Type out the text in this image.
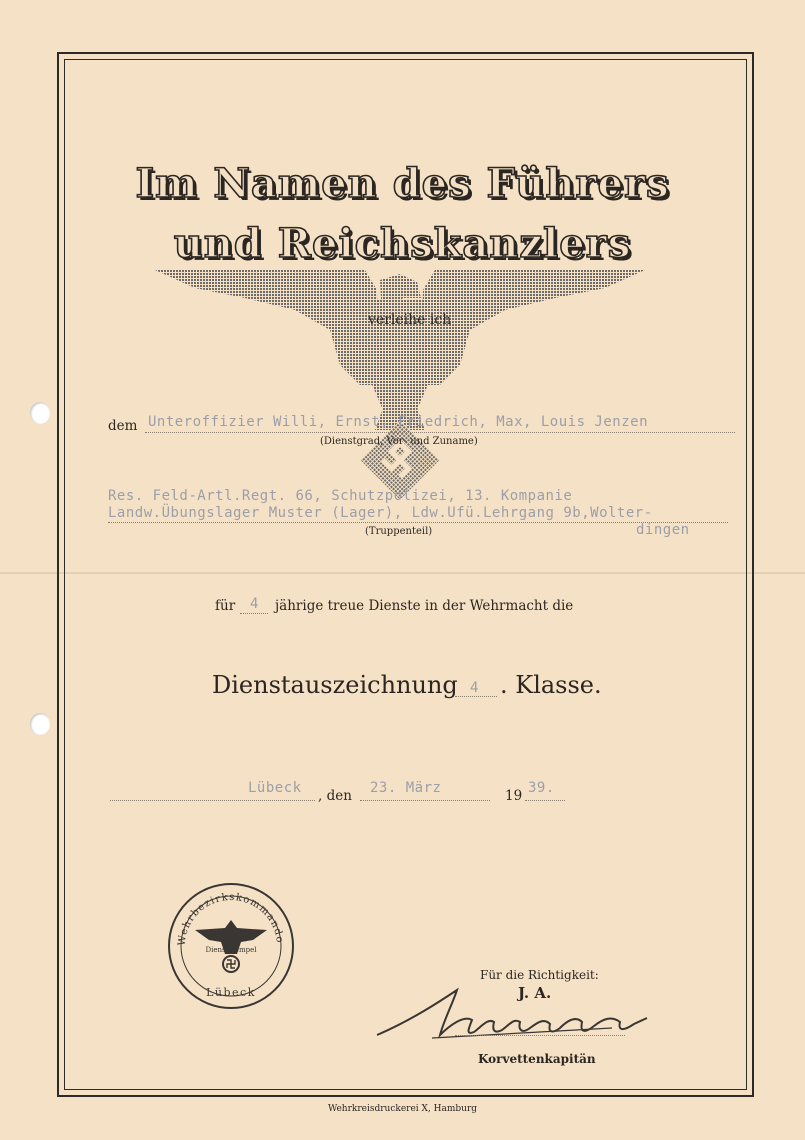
Im Namen des Führers
und Reichskanzlers
verleihe ich
dem Unteroffizier Willi, Ernst, Friedrich, Max, Louis Jenzen
(Dienstgrad, Vor- und Zuname)
Res. Feld-Artl.Regt. 66, Schutzpolizei, 13. Kompanie
Landw.Übungslager Muster (Lager), Ldw.Ufü.Lehrgang 9b,Wolter-
dingen
(Truppenteil)
für 4 jährige treue Dienste in der Wehrmacht die
Dienstauszeichnung 4 . Klasse.
Lübeck , den 23. März	19 39.
Wehrbezirkskommando
Dienststempel
Lübeck
Für die Richtigkeit:
J. A.
Korvettenkapitän
Wehrkreisdruckerei X, Hamburg
